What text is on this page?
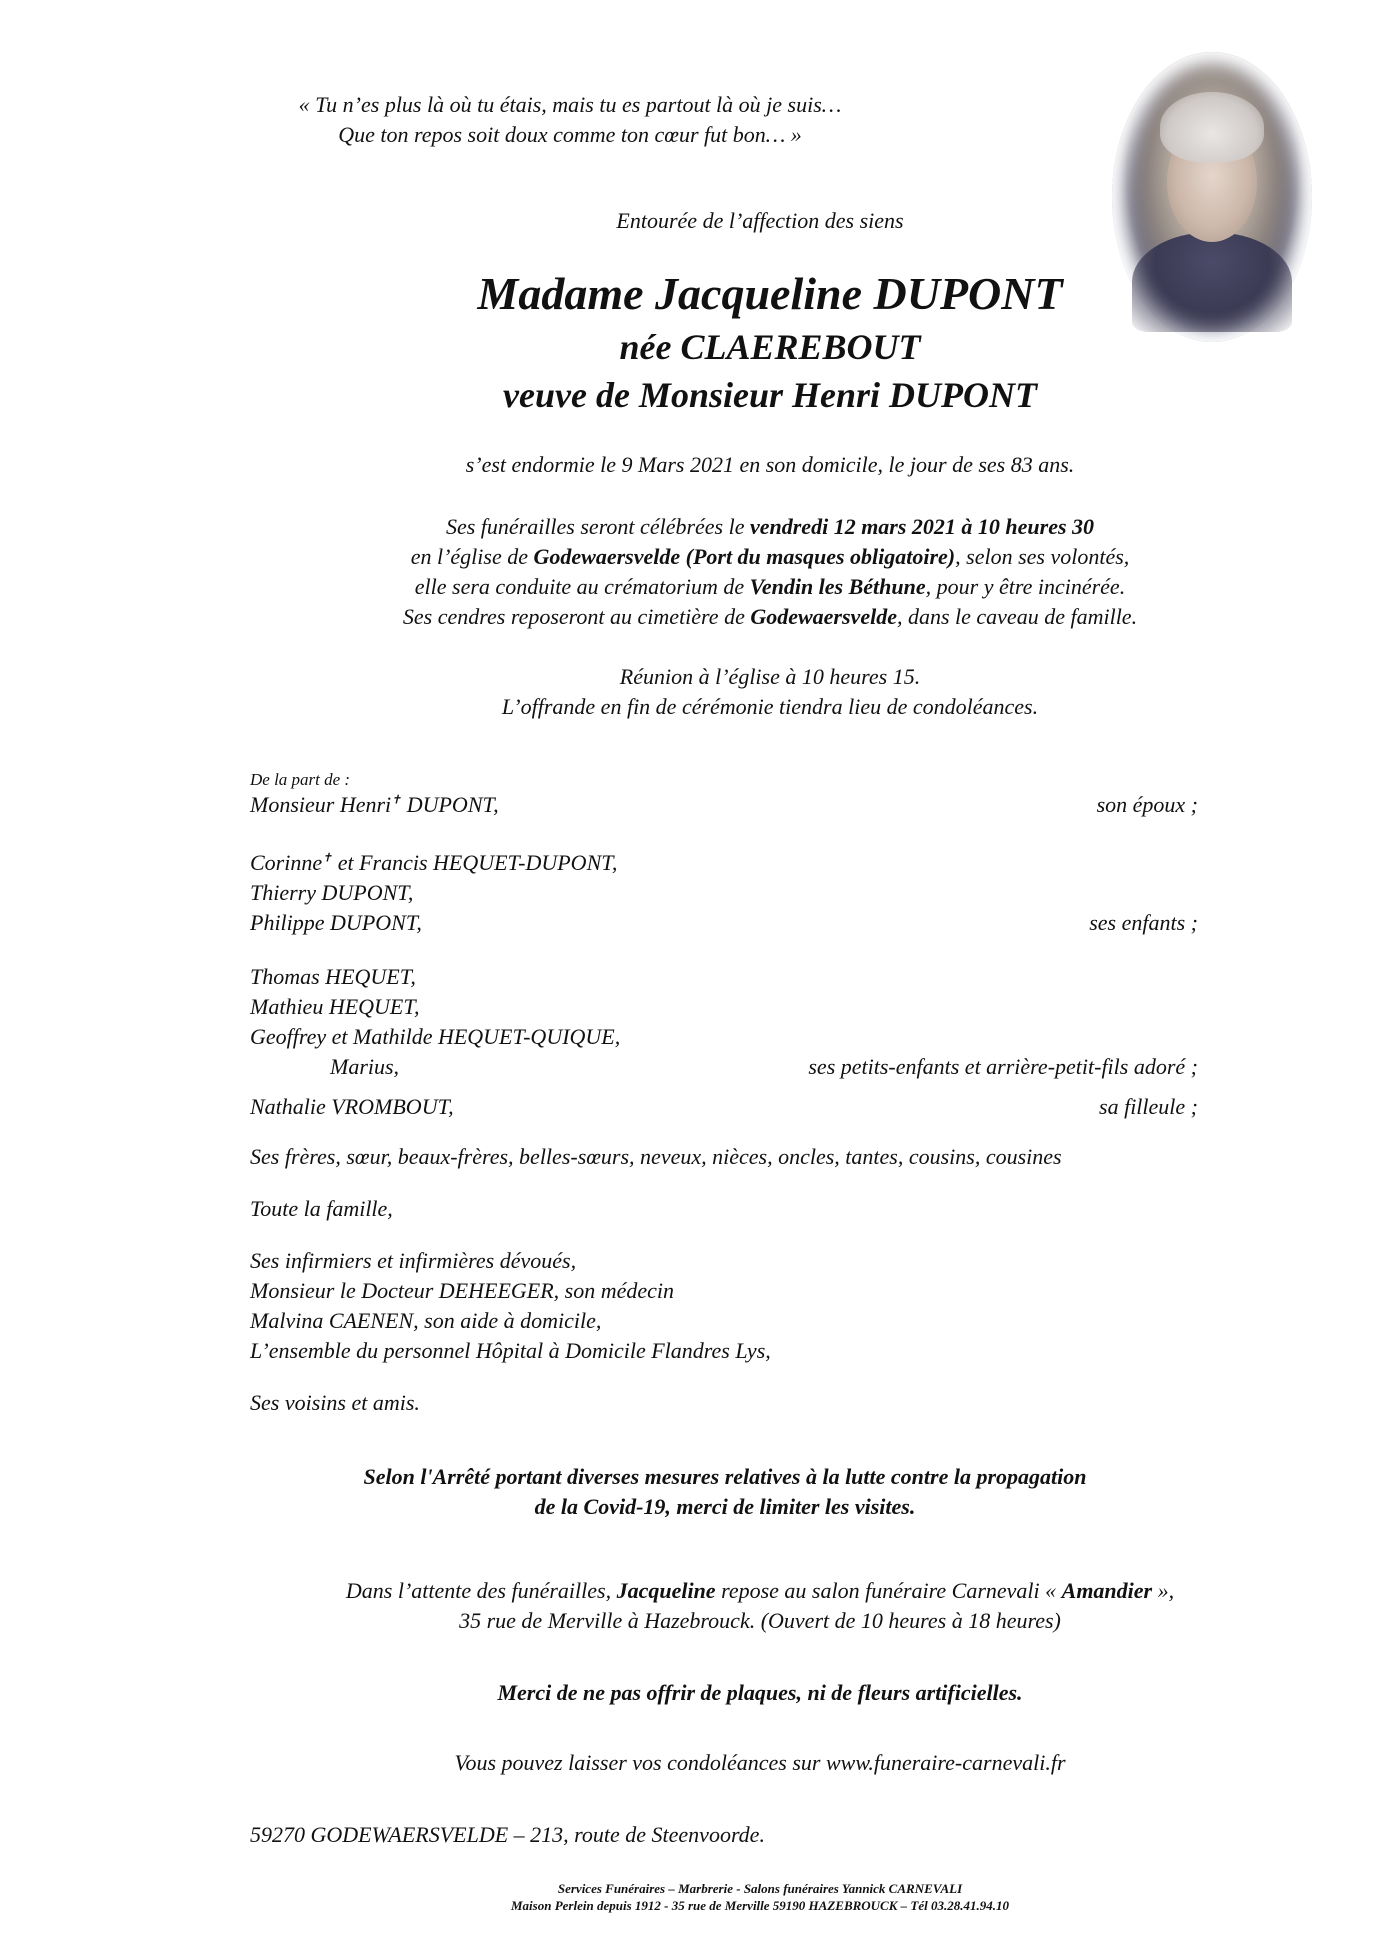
« Tu n’es plus là où tu étais, mais tu es partout là où je suis…
Que ton repos soit doux comme ton cœur fut bon… »
Entourée de l’affection des siens
Madame Jacqueline DUPONT
née CLAEREBOUT
veuve de Monsieur Henri DUPONT
s’est endormie le 9 Mars 2021 en son domicile, le jour de ses 83 ans.
Ses funérailles seront célébrées le vendredi 12 mars 2021 à 10 heures 30
en l’église de Godewaersvelde (Port du masques obligatoire), selon ses volontés,
elle sera conduite au crématorium de Vendin les Béthune, pour y être incinérée.
Ses cendres reposeront au cimetière de Godewaersvelde, dans le caveau de famille.
Réunion à l’église à 10 heures 15.
L’offrande en fin de cérémonie tiendra lieu de condoléances.
De la part de :
Monsieur Henri✝ DUPONT,	son époux ;
Corinne✝ et Francis HEQUET-DUPONT,
Thierry DUPONT,
Philippe DUPONT,	ses enfants ;
Thomas HEQUET,
Mathieu HEQUET,
Geoffrey et Mathilde HEQUET-QUIQUE,
Marius,	ses petits-enfants et arrière-petit-fils adoré ;
Nathalie VROMBOUT,	sa filleule ;
Ses frères, sœur, beaux-frères, belles-sœurs, neveux, nièces, oncles, tantes, cousins, cousines
Toute la famille,
Ses infirmiers et infirmières dévoués,
Monsieur le Docteur DEHEEGER, son médecin
Malvina CAENEN, son aide à domicile,
L’ensemble du personnel Hôpital à Domicile Flandres Lys,
Ses voisins et amis.
Selon l'Arrêté portant diverses mesures relatives à la lutte contre la propagation
de la Covid-19, merci de limiter les visites.
Dans l’attente des funérailles, Jacqueline repose au salon funéraire Carnevali « Amandier »,
35 rue de Merville à Hazebrouck. (Ouvert de 10 heures à 18 heures)
Merci de ne pas offrir de plaques, ni de fleurs artificielles.
Vous pouvez laisser vos condoléances sur www.funeraire-carnevali.fr
59270 GODEWAERSVELDE – 213, route de Steenvoorde.
Services Funéraires – Marbrerie - Salons funéraires Yannick CARNEVALI
Maison Perlein depuis 1912 - 35 rue de Merville 59190 HAZEBROUCK – Tél 03.28.41.94.10
